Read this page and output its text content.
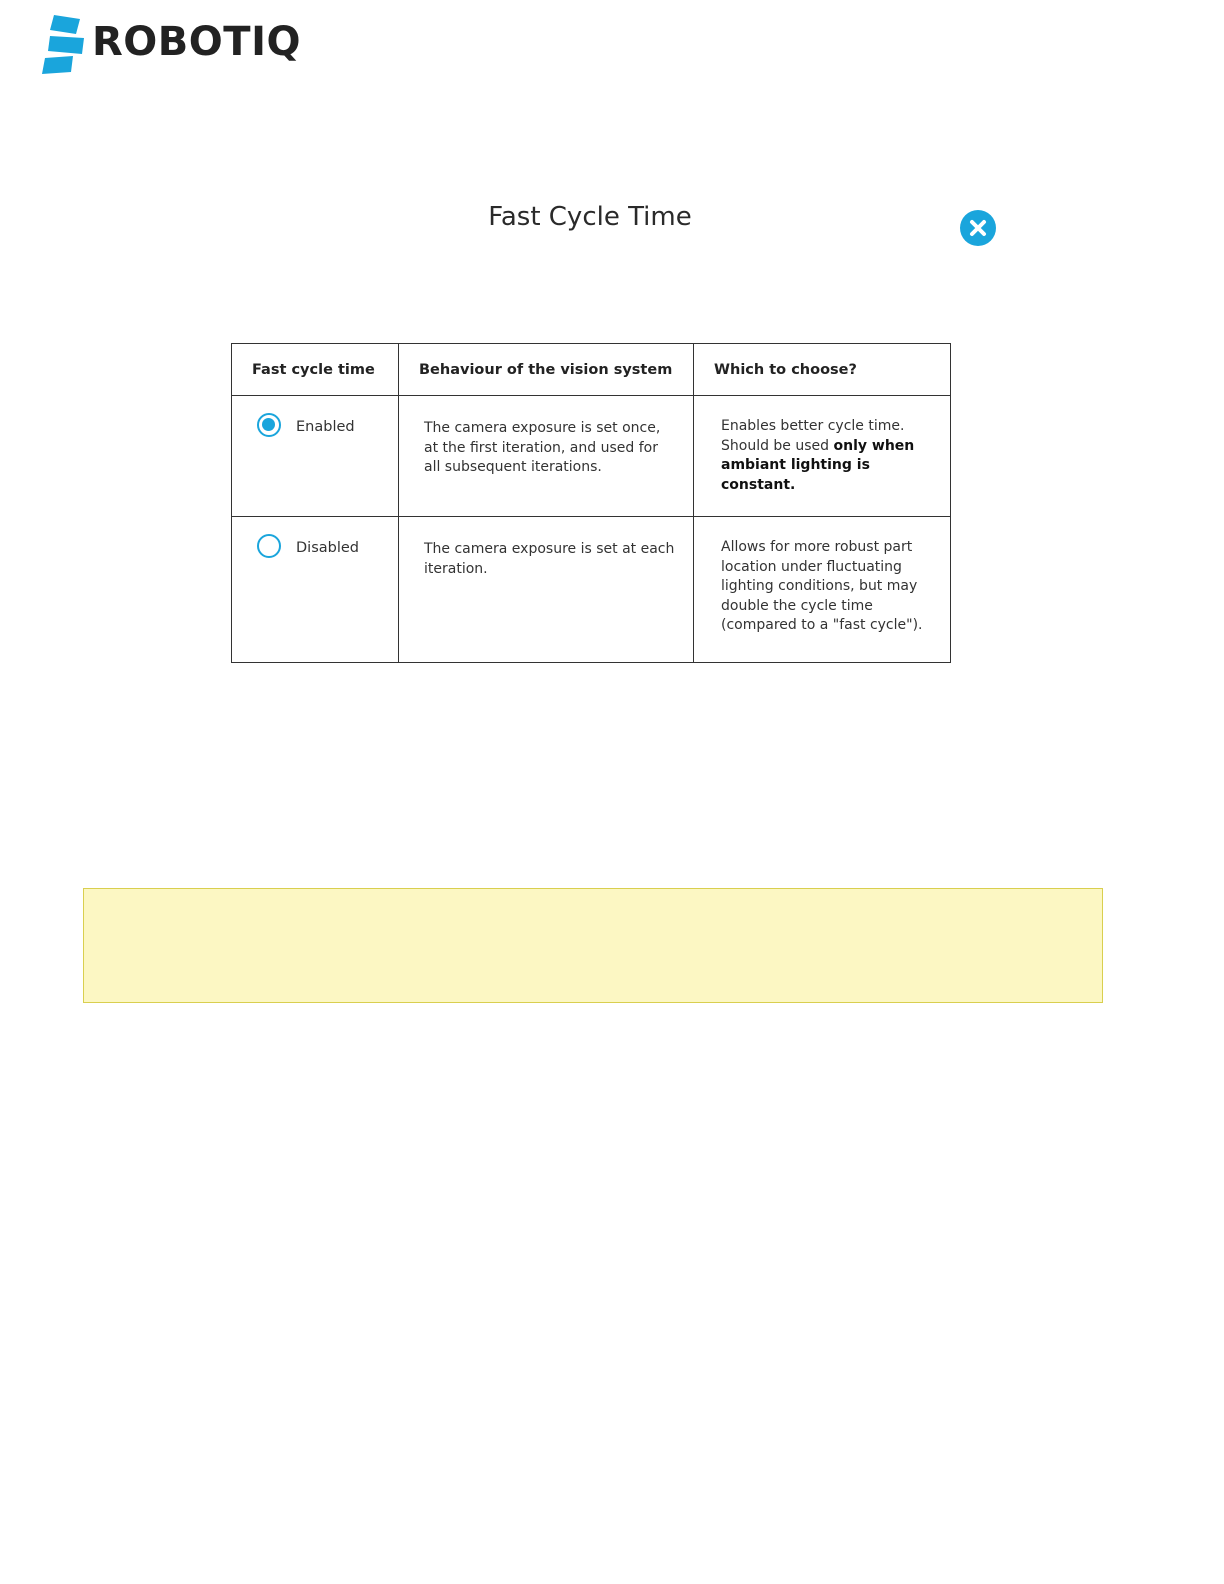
ROBOTIQ
Fast Cycle Time
Fast cycle time	Behaviour of the vision system	Which to choose?

Enabled	The camera exposure is set once, at the first iteration, and used for all subsequent iterations.	Enables better cycle time. Should be used only when ambiant lighting is constant.

Disabled	The camera exposure is set at each iteration.	Allows for more robust part location under fluctuating lighting conditions, but may double the cycle time (compared to a "fast cycle").
